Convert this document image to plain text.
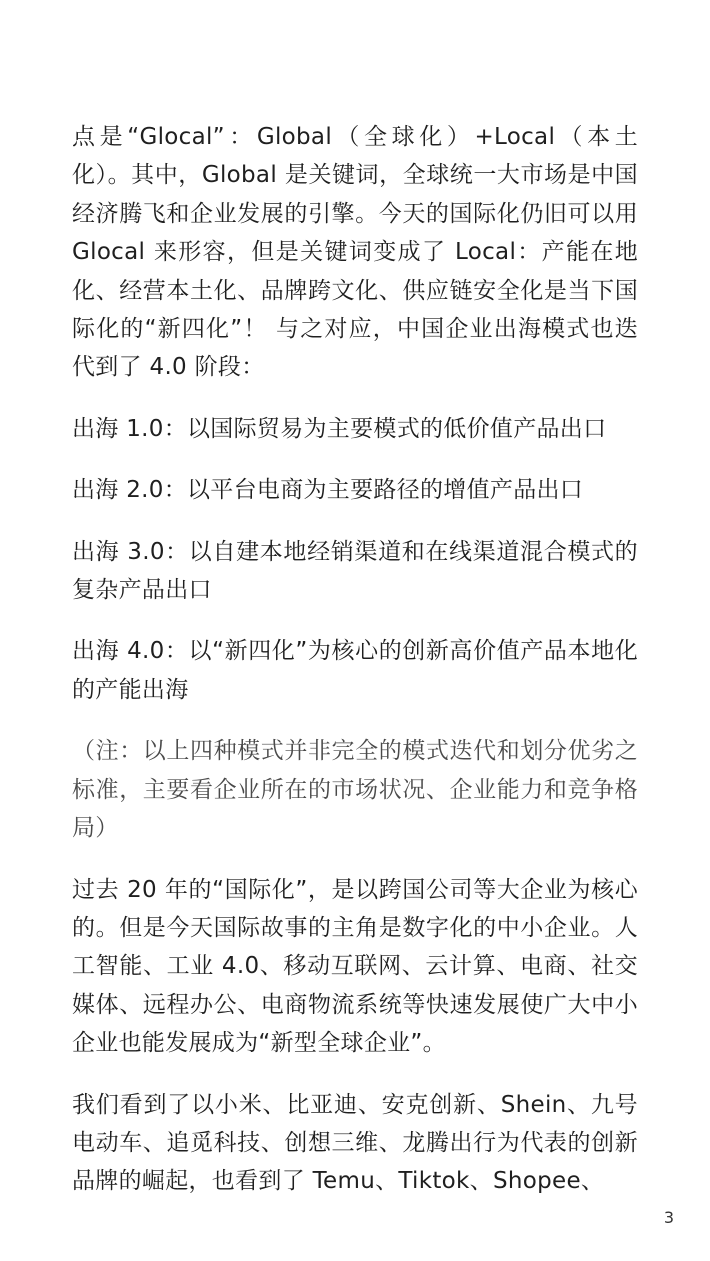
点是“Glocal”：Global（全球化）+Local（本土化）。其中，Global 是关键词，全球统一大市场是中国经济腾飞和企业发展的引擎。今天的国际化仍旧可以用 Glocal 来形容，但是关键词变成了 Local：产能在地化、经营本土化、品牌跨文化、供应链安全化是当下国际化的“新四化”！ 与之对应，中国企业出海模式也迭代到了 4.0 阶段：

出海 1.0：以国际贸易为主要模式的低价值产品出口

出海 2.0：以平台电商为主要路径的增值产品出口

出海 3.0：以自建本地经销渠道和在线渠道混合模式的复杂产品出口

出海 4.0：以“新四化”为核心的创新高价值产品本地化的产能出海

（注：以上四种模式并非完全的模式迭代和划分优劣之标准，主要看企业所在的市场状况、企业能力和竞争格局）

过去 20 年的“国际化”，是以跨国公司等大企业为核心的。但是今天国际故事的主角是数字化的中小企业。人工智能、工业 4.0、移动互联网、云计算、电商、社交媒体、远程办公、电商物流系统等快速发展使广大中小企业也能发展成为“新型全球企业”。

我们看到了以小米、比亚迪、安克创新、Shein、九号电动车、追觅科技、创想三维、龙腾出行为代表的创新品牌的崛起，也看到了 Temu、Tiktok、Shopee、

3
